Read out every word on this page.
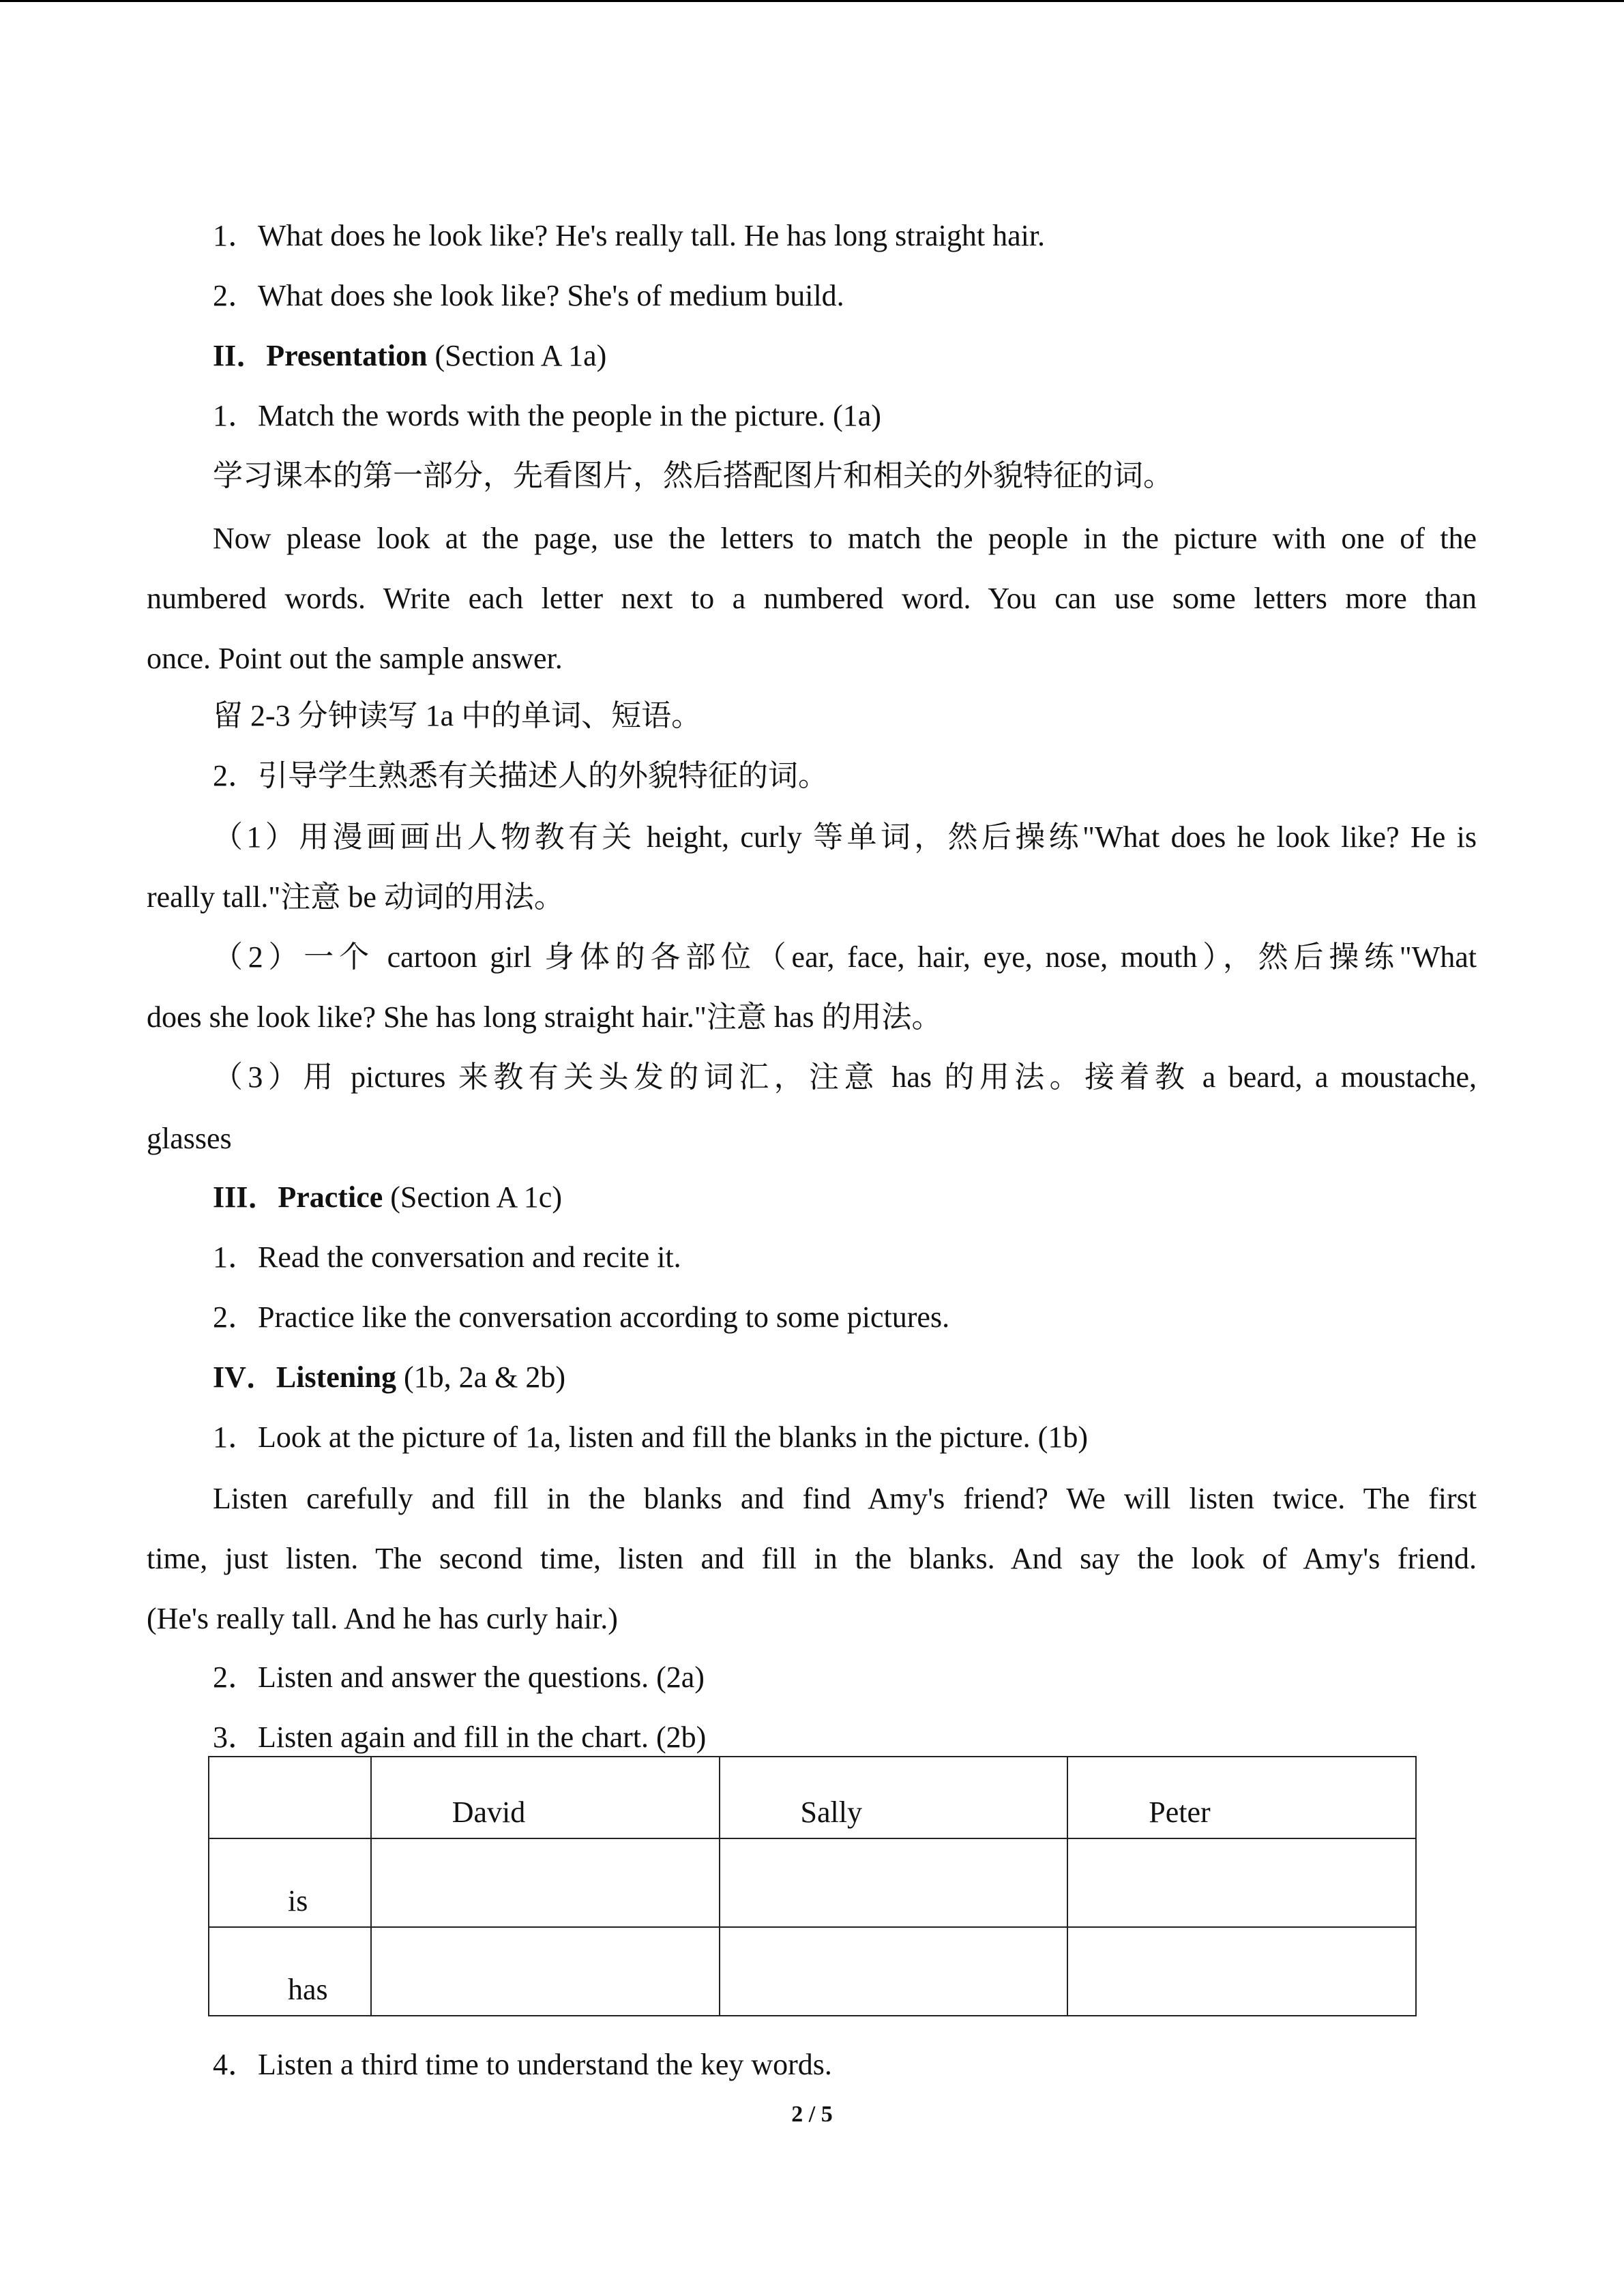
1．What does he look like? He's really tall. He has long straight hair.
2．What does she look like? She's of medium build.
II．Presentation (Section A 1a)
1．Match the words with the people in the picture. (1a)
学习课本的第一部分，先看图片，然后搭配图片和相关的外貌特征的词。
Now please look at the page, use the letters to match the people in the picture with one of the
numbered words. Write each letter next to a numbered word. You can use some letters more than
once. Point out the sample answer.
留 2-3 分钟读写 1a 中的单词、短语。
2．引导学生熟悉有关描述人的外貌特征的词。
（1）用漫画画出人物教有关 height, curly 等单词，然后操练"What does he look like? He is
really tall."注意 be 动词的用法。
（2）一个 cartoon girl 身体的各部位（ear, face, hair, eye, nose, mouth），然后操练"What
does she look like? She has long straight hair."注意 has 的用法。
（3）用 pictures 来教有关头发的词汇，注意 has 的用法。接着教 a beard, a moustache,
glasses
III．Practice (Section A 1c)
1．Read the conversation and recite it.
2．Practice like the conversation according to some pictures.
IV．Listening (1b, 2a & 2b)
1．Look at the picture of 1a, listen and fill the blanks in the picture. (1b)
Listen carefully and fill in the blanks and find Amy's friend? We will listen twice. The first
time, just listen. The second time, listen and fill in the blanks. And say the look of Amy's friend.
(He's really tall. And he has curly hair.)
2．Listen and answer the questions. (2a)
3．Listen again and fill in the chart. (2b)
	David	Sally	Peter
is			
has			
4．Listen a third time to understand the key words.
2 / 5
